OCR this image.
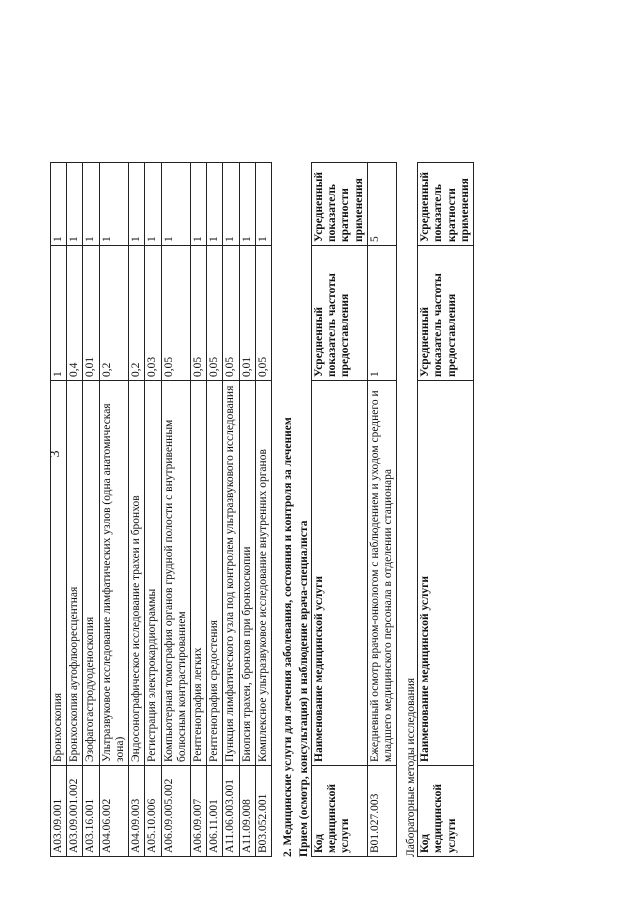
3
A03.09.001	Бронхоскопия	1	1
A03.09.001.002	Бронхоскопия аутофлюоресцентная	0,4	1
A03.16.001	Эзофагогастродуоденоскопия	0,01	1
A04.06.002	Ультразвуковое исследование лимфатических узлов (одна анатомическая зона)	0,2	1
A04.09.003	Эндосонографическое исследование трахеи и бронхов	0,2	1
A05.10.006	Регистрация электрокардиограммы	0,03	1
A06.09.005.002	Компьютерная томография органов грудной полости с внутривенным болюсным контрастированием	0,05	1
A06.09.007	Рентгенография легких	0,05	1
A06.11.001	Рентгенография средостения	0,05	1
A11.06.003.001	Пункция лимфатического узла под контролем ультразвукового исследования	0,05	1
A11.09.008	Биопсия трахеи, бронхов при бронхоскопии	0,01	1
B03.052.001	Комплексное ультразвуковое исследование внутренних органов	0,05	1
2. Медицинские услуги для лечения заболевания, состояния и контроля за лечением Прием (осмотр, консультация) и наблюдение врача-специалиста Код медицинской услуги	Наименование медицинской услуги	Усредненный показатель частоты предоставления	Усредненный показатель кратности применения
B01.027.003	Ежедневный осмотр врачом-онкологом с наблюдением и уходом среднего и младшего медицинского персонала в отделении стационара	1	5
Лабораторные методы исследования Код медицинской услуги	Наименование медицинской услуги	Усредненный показатель частоты предоставления	Усредненный показатель кратности применения
